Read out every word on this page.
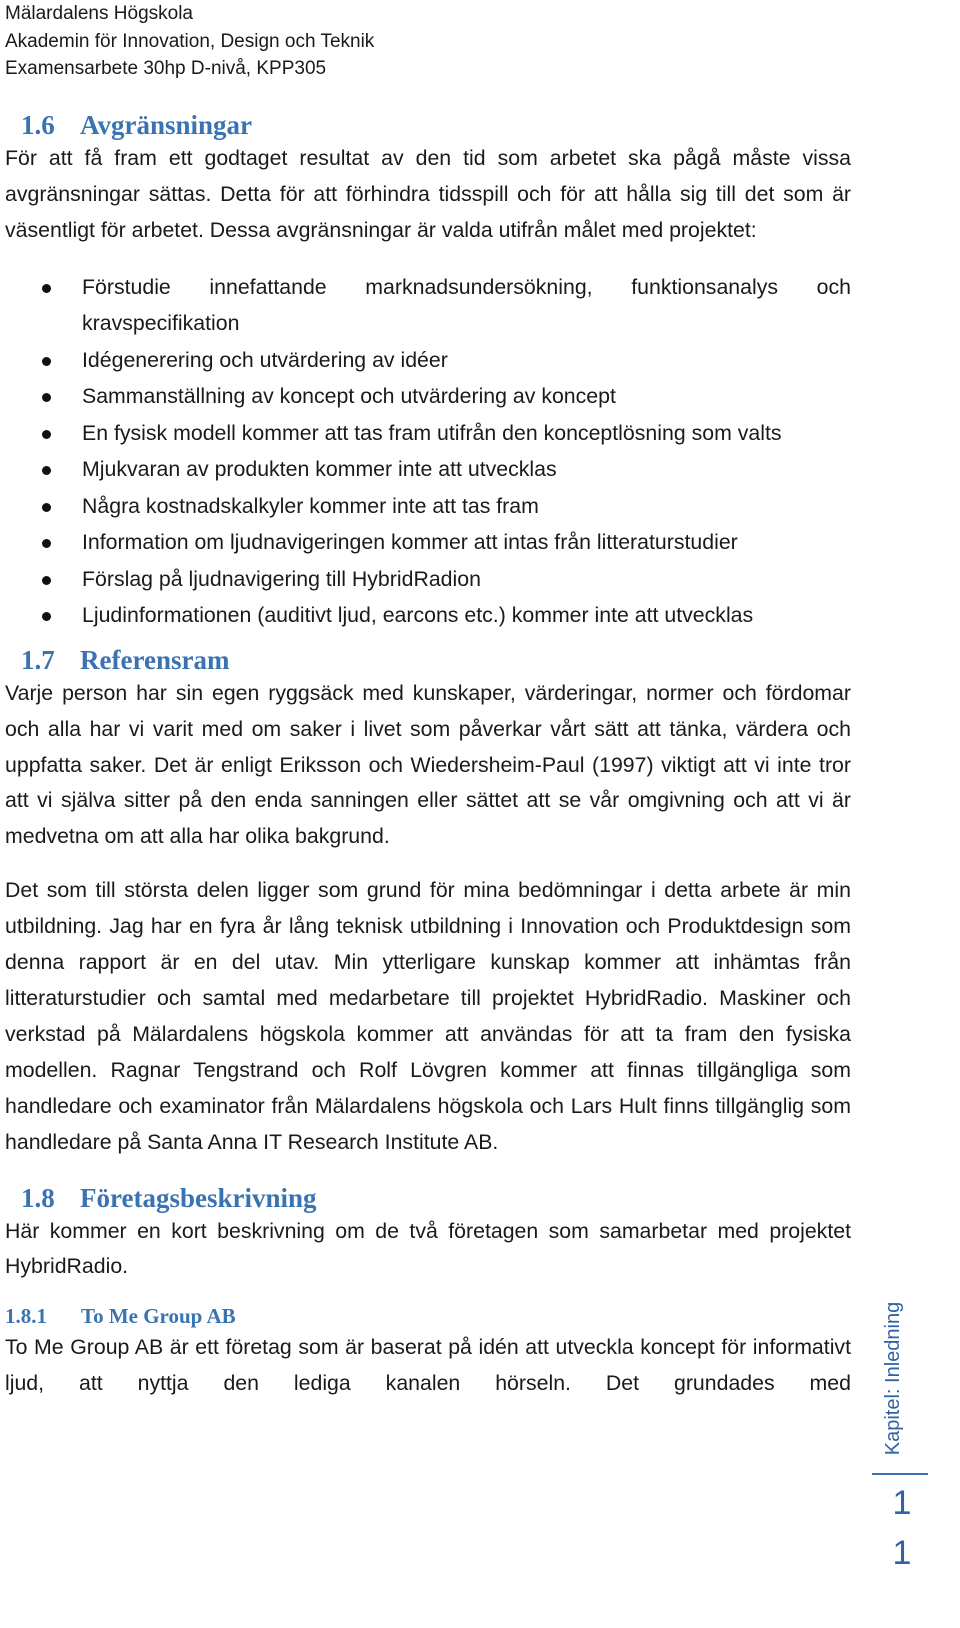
Mälardalens Högskola
Akademin för Innovation, Design och Teknik
Examensarbete 30hp D-nivå, KPP305
1.6 Avgränsningar

För att få fram ett godtaget resultat av den tid som arbetet ska pågå måste vissa avgränsningar sättas. Detta för att förhindra tidsspill och för att hålla sig till det som är väsentligt för arbetet. Dessa avgränsningar är valda utifrån målet med projektet:

Förstudie innefattande marknadsundersökning, funktionsanalys och kravspecifikation
Idégenerering och utvärdering av idéer
Sammanställning av koncept och utvärdering av koncept
En fysisk modell kommer att tas fram utifrån den konceptlösning som valts
Mjukvaran av produkten kommer inte att utvecklas
Några kostnadskalkyler kommer inte att tas fram
Information om ljudnavigeringen kommer att intas från litteraturstudier
Förslag på ljudnavigering till HybridRadion
Ljudinformationen (auditivt ljud, earcons etc.) kommer inte att utvecklas
1.7 Referensram

Varje person har sin egen ryggsäck med kunskaper, värderingar, normer och fördomar och alla har vi varit med om saker i livet som påverkar vårt sätt att tänka, värdera och uppfatta saker. Det är enligt Eriksson och Wiedersheim-Paul (1997) viktigt att vi inte tror att vi själva sitter på den enda sanningen eller sättet att se vår omgivning och att vi är medvetna om att alla har olika bakgrund.

Det som till största delen ligger som grund för mina bedömningar i detta arbete är min utbildning. Jag har en fyra år lång teknisk utbildning i Innovation och Produktdesign som denna rapport är en del utav. Min ytterligare kunskap kommer att inhämtas från litteraturstudier och samtal med medarbetare till projektet HybridRadio. Maskiner och verkstad på Mälardalens högskola kommer att användas för att ta fram den fysiska modellen. Ragnar Tengstrand och Rolf Lövgren kommer att finnas tillgängliga som handledare och examinator från Mälardalens högskola och Lars Hult finns tillgänglig som handledare på Santa Anna IT Research Institute AB.

1.8 Företagsbeskrivning

Här kommer en kort beskrivning om de två företagen som samarbetar med projektet HybridRadio.

1.8.1 To Me Group AB

To Me Group AB är ett företag som är baserat på idén att utveckla koncept för informativt ljud, att nyttja den lediga kanalen hörseln. Det grundades med Kapitel: Inledning
1
1
